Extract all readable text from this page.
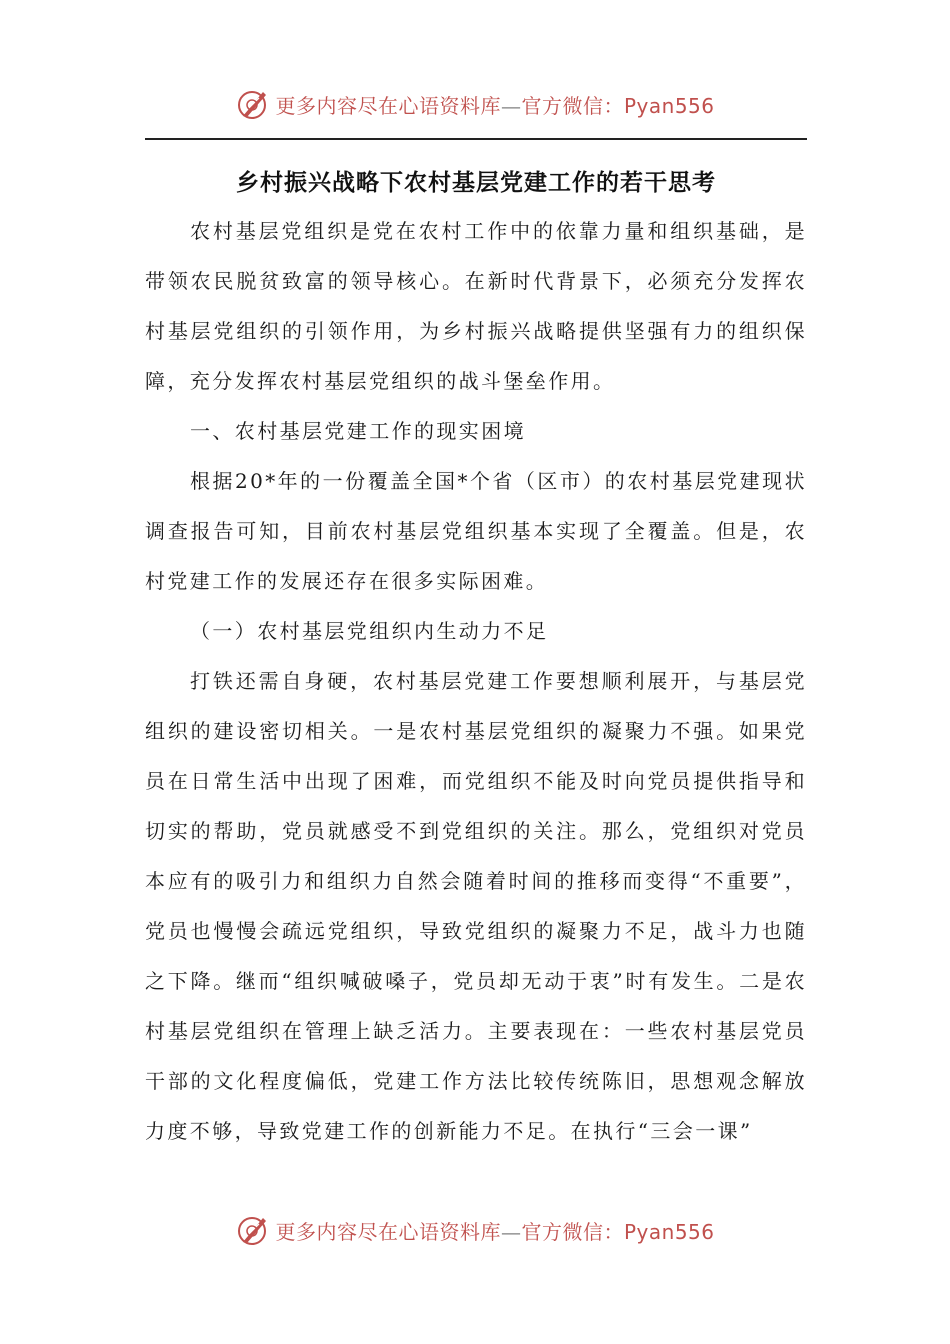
更多内容尽在心语资料库—官方微信：Pyan556
乡村振兴战略下农村基层党建工作的若干思考

农村基层党组织是党在农村工作中的依靠力量和组织基础，是带领农民脱贫致富的领导核心。在新时代背景下，必须充分发挥农村基层党组织的引领作用，为乡村振兴战略提供坚强有力的组织保障，充分发挥农村基层党组织的战斗堡垒作用。

一、农村基层党建工作的现实困境

根据20*年的一份覆盖全国*个省（区市）的农村基层党建现状调查报告可知，目前农村基层党组织基本实现了全覆盖。但是，农村党建工作的发展还存在很多实际困难。

（一）农村基层党组织内生动力不足

打铁还需自身硬，农村基层党建工作要想顺利展开，与基层党组织的建设密切相关。一是农村基层党组织的凝聚力不强。如果党员在日常生活中出现了困难，而党组织不能及时向党员提供指导和切实的帮助，党员就感受不到党组织的关注。那么，党组织对党员本应有的吸引力和组织力自然会随着时间的推移而变得“不重要”，党员也慢慢会疏远党组织，导致党组织的凝聚力不足，战斗力也随之下降。继而“组织喊破嗓子，党员却无动于衷”时有发生。二是农村基层党组织在管理上缺乏活力。主要表现在：一些农村基层党员干部的文化程度偏低，党建工作方法比较传统陈旧，思想观念解放力度不够，导致党建工作的创新能力不足。在执行“三会一课”

更多内容尽在心语资料库—官方微信：Pyan556
